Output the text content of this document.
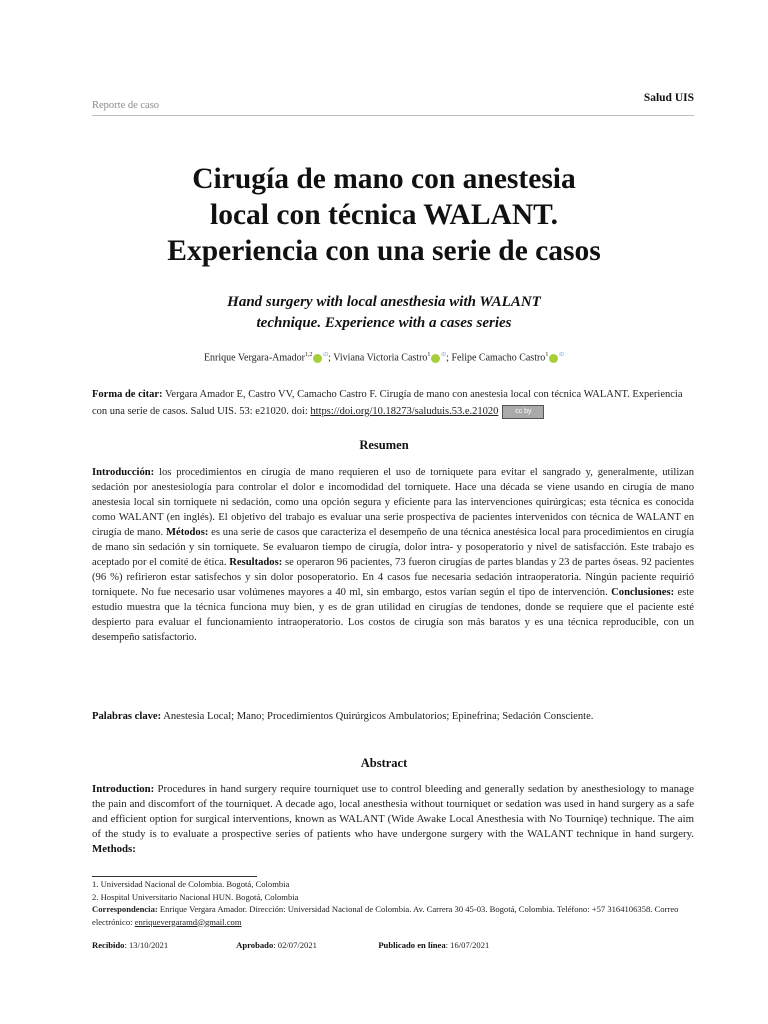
Reporte de caso
Salud UIS
Cirugía de mano con anestesia
local con técnica WALANT.
Experiencia con una serie de casos
Hand surgery with local anesthesia with WALANT
technique. Experience with a cases series
Enrique Vergara-Amador$^{1,2}$ iD; Viviana Victoria Castro$^1$ iD; Felipe Camacho Castro$^1$ iD
Forma de citar: Vergara Amador E, Castro VV, Camacho Castro F. Cirugía de mano con anestesia local con técnica WALANT. Experiencia con una serie de casos. Salud UIS. 53: e21020. doi: https://doi.org/10.18273/saluduis.53.e.21020 cc by
Resumen

Introducción: los procedimientos en cirugía de mano requieren el uso de torniquete para evitar el sangrado y, generalmente, utilizan sedación por anestesiología para controlar el dolor e incomodidad del torniquete. Hace una década se viene usando en cirugía de mano anestesia local sin torniquete ni sedación, como una opción segura y eficiente para las intervenciones quirúrgicas; esta técnica es conocida como WALANT (en inglés). El objetivo del trabajo es evaluar una serie prospectiva de pacientes intervenidos con técnica de WALANT en cirugía de mano. Métodos: es una serie de casos que caracteriza el desempeño de una técnica anestésica local para procedimientos en cirugía de mano sin sedación y sin torniquete. Se evaluaron tiempo de cirugía, dolor intra- y posoperatorio y nivel de satisfacción. Este trabajo es aceptado por el comité de ética. Resultados: se operaron 96 pacientes, 73 fueron cirugías de partes blandas y 23 de partes óseas. 92 pacientes (96 %) refirieron estar satisfechos y sin dolor posoperatorio. En 4 casos fue necesaria sedación intraoperatoria. Ningún paciente requirió torniquete. No fue necesario usar volúmenes mayores a 40 ml, sin embargo, estos varían según el tipo de intervención. Conclusiones: este estudio muestra que la técnica funciona muy bien, y es de gran utilidad en cirugías de tendones, donde se requiere que el paciente esté despierto para evaluar el funcionamiento intraoperatorio. Los costos de cirugía son más baratos y es una técnica reproducible, con un desempeño satisfactorio.

Palabras clave: Anestesia Local; Mano; Procedimientos Quirúrgicos Ambulatorios; Epinefrina; Sedación Consciente.

Abstract

Introduction: Procedures in hand surgery require tourniquet use to control bleeding and generally sedation by anesthesiology to manage the pain and discomfort of the tourniquet. A decade ago, local anesthesia without tourniquet or sedation was used in hand surgery as a safe and efficient option for surgical interventions, known as WALANT (Wide Awake Local Anesthesia with No Tourniqe) technique. The aim of the study is to evaluate a prospective series of patients who have undergone surgery with the WALANT technique in hand surgery. Methods:

1. Universidad Nacional de Colombia. Bogotá, Colombia
2. Hospital Universitario Nacional HUN. Bogotá, Colombia
Correspondencia: Enrique Vergara Amador. Dirección: Universidad Nacional de Colombia. Av. Carrera 30 45-03. Bogotá, Colombia. Teléfono: +57 3164106358. Correo electrónico: enriquevergaramd@gmail.com
Recibido: 13/10/2021	Aprobado: 02/07/2021	Publicado en línea: 16/07/2021
